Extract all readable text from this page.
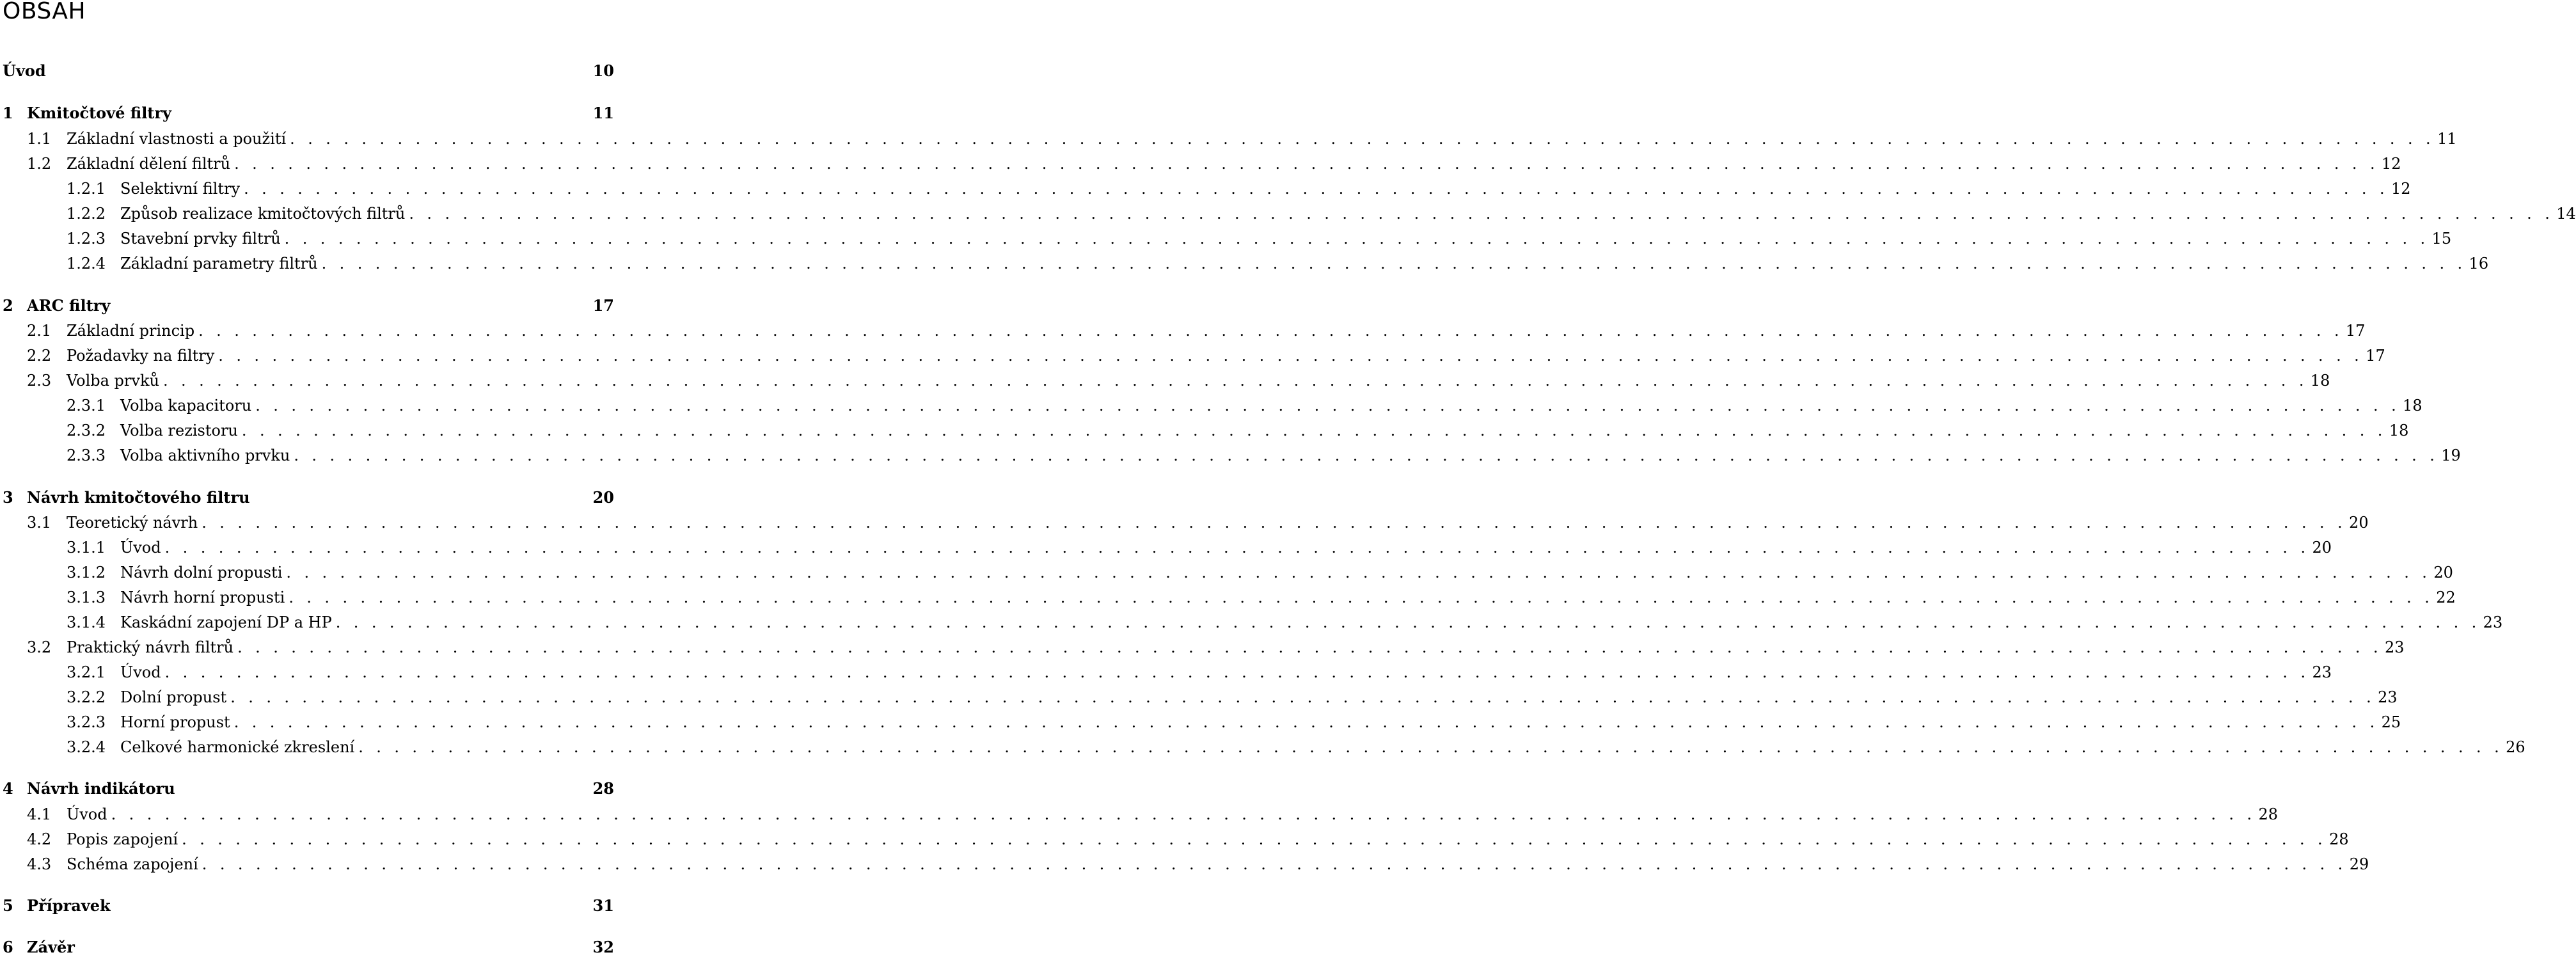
OBSAH
Úvod	10
1 Kmitočtové filtry	11
1.1 Základní vlastnosti a použití . . . . . . . . . . . . . . . . . . . . . . . . . . . . . . . . . . . . . . . . . . . . . . . . . . . . . . . . . . . . . . . . . . . . . . . . . . . . . . . . . . . . . . . . . . . . . . . . . . . . . . . . . . . . . . . . . . . . . . . . 11
1.2 Základní dělení filtrů . . . . . . . . . . . . . . . . . . . . . . . . . . . . . . . . . . . . . . . . . . . . . . . . . . . . . . . . . . . . . . . . . . . . . . . . . . . . . . . . . . . . . . . . . . . . . . . . . . . . . . . . . . . . . . . . . . . . . . . . 12
1.2.1 Selektivní filtry . . . . . . . . . . . . . . . . . . . . . . . . . . . . . . . . . . . . . . . . . . . . . . . . . . . . . . . . . . . . . . . . . . . . . . . . . . . . . . . . . . . . . . . . . . . . . . . . . . . . . . . . . . . . . . . . . . . . . . . . 12
1.2.2 Způsob realizace kmitočtových filtrů . . . . . . . . . . . . . . . . . . . . . . . . . . . . . . . . . . . . . . . . . . . . . . . . . . . . . . . . . . . . . . . . . . . . . . . . . . . . . . . . . . . . . . . . . . . . . . . . . . . . . . . . . . . . . . . . . . . . . . . . 14
1.2.3 Stavební prvky filtrů . . . . . . . . . . . . . . . . . . . . . . . . . . . . . . . . . . . . . . . . . . . . . . . . . . . . . . . . . . . . . . . . . . . . . . . . . . . . . . . . . . . . . . . . . . . . . . . . . . . . . . . . . . . . . . . . . . . . . . . . 15
1.2.4 Základní parametry filtrů . . . . . . . . . . . . . . . . . . . . . . . . . . . . . . . . . . . . . . . . . . . . . . . . . . . . . . . . . . . . . . . . . . . . . . . . . . . . . . . . . . . . . . . . . . . . . . . . . . . . . . . . . . . . . . . . . . . . . . . . 16
2 ARC filtry	17
2.1 Základní princip . . . . . . . . . . . . . . . . . . . . . . . . . . . . . . . . . . . . . . . . . . . . . . . . . . . . . . . . . . . . . . . . . . . . . . . . . . . . . . . . . . . . . . . . . . . . . . . . . . . . . . . . . . . . . . . . . . . . . . . . 17
2.2 Požadavky na filtry . . . . . . . . . . . . . . . . . . . . . . . . . . . . . . . . . . . . . . . . . . . . . . . . . . . . . . . . . . . . . . . . . . . . . . . . . . . . . . . . . . . . . . . . . . . . . . . . . . . . . . . . . . . . . . . . . . . . . . . . 17
2.3 Volba prvků . . . . . . . . . . . . . . . . . . . . . . . . . . . . . . . . . . . . . . . . . . . . . . . . . . . . . . . . . . . . . . . . . . . . . . . . . . . . . . . . . . . . . . . . . . . . . . . . . . . . . . . . . . . . . . . . . . . . . . . . 18
2.3.1 Volba kapacitoru . . . . . . . . . . . . . . . . . . . . . . . . . . . . . . . . . . . . . . . . . . . . . . . . . . . . . . . . . . . . . . . . . . . . . . . . . . . . . . . . . . . . . . . . . . . . . . . . . . . . . . . . . . . . . . . . . . . . . . . . 18
2.3.2 Volba rezistoru . . . . . . . . . . . . . . . . . . . . . . . . . . . . . . . . . . . . . . . . . . . . . . . . . . . . . . . . . . . . . . . . . . . . . . . . . . . . . . . . . . . . . . . . . . . . . . . . . . . . . . . . . . . . . . . . . . . . . . . . 18
2.3.3 Volba aktivního prvku . . . . . . . . . . . . . . . . . . . . . . . . . . . . . . . . . . . . . . . . . . . . . . . . . . . . . . . . . . . . . . . . . . . . . . . . . . . . . . . . . . . . . . . . . . . . . . . . . . . . . . . . . . . . . . . . . . . . . . . . 19
3 Návrh kmitočtového filtru	20
3.1 Teoretický návrh . . . . . . . . . . . . . . . . . . . . . . . . . . . . . . . . . . . . . . . . . . . . . . . . . . . . . . . . . . . . . . . . . . . . . . . . . . . . . . . . . . . . . . . . . . . . . . . . . . . . . . . . . . . . . . . . . . . . . . . . 20
3.1.1 Úvod . . . . . . . . . . . . . . . . . . . . . . . . . . . . . . . . . . . . . . . . . . . . . . . . . . . . . . . . . . . . . . . . . . . . . . . . . . . . . . . . . . . . . . . . . . . . . . . . . . . . . . . . . . . . . . . . . . . . . . . . 20
3.1.2 Návrh dolní propusti . . . . . . . . . . . . . . . . . . . . . . . . . . . . . . . . . . . . . . . . . . . . . . . . . . . . . . . . . . . . . . . . . . . . . . . . . . . . . . . . . . . . . . . . . . . . . . . . . . . . . . . . . . . . . . . . . . . . . . . . 20
3.1.3 Návrh horní propusti . . . . . . . . . . . . . . . . . . . . . . . . . . . . . . . . . . . . . . . . . . . . . . . . . . . . . . . . . . . . . . . . . . . . . . . . . . . . . . . . . . . . . . . . . . . . . . . . . . . . . . . . . . . . . . . . . . . . . . . . 22
3.1.4 Kaskádní zapojení DP a HP . . . . . . . . . . . . . . . . . . . . . . . . . . . . . . . . . . . . . . . . . . . . . . . . . . . . . . . . . . . . . . . . . . . . . . . . . . . . . . . . . . . . . . . . . . . . . . . . . . . . . . . . . . . . . . . . . . . . . . . . 23
3.2 Praktický návrh filtrů . . . . . . . . . . . . . . . . . . . . . . . . . . . . . . . . . . . . . . . . . . . . . . . . . . . . . . . . . . . . . . . . . . . . . . . . . . . . . . . . . . . . . . . . . . . . . . . . . . . . . . . . . . . . . . . . . . . . . . . . 23
3.2.1 Úvod . . . . . . . . . . . . . . . . . . . . . . . . . . . . . . . . . . . . . . . . . . . . . . . . . . . . . . . . . . . . . . . . . . . . . . . . . . . . . . . . . . . . . . . . . . . . . . . . . . . . . . . . . . . . . . . . . . . . . . . . 23
3.2.2 Dolní propust . . . . . . . . . . . . . . . . . . . . . . . . . . . . . . . . . . . . . . . . . . . . . . . . . . . . . . . . . . . . . . . . . . . . . . . . . . . . . . . . . . . . . . . . . . . . . . . . . . . . . . . . . . . . . . . . . . . . . . . . 23
3.2.3 Horní propust . . . . . . . . . . . . . . . . . . . . . . . . . . . . . . . . . . . . . . . . . . . . . . . . . . . . . . . . . . . . . . . . . . . . . . . . . . . . . . . . . . . . . . . . . . . . . . . . . . . . . . . . . . . . . . . . . . . . . . . . 25
3.2.4 Celkové harmonické zkreslení . . . . . . . . . . . . . . . . . . . . . . . . . . . . . . . . . . . . . . . . . . . . . . . . . . . . . . . . . . . . . . . . . . . . . . . . . . . . . . . . . . . . . . . . . . . . . . . . . . . . . . . . . . . . . . . . . . . . . . . . 26
4 Návrh indikátoru	28
4.1 Úvod . . . . . . . . . . . . . . . . . . . . . . . . . . . . . . . . . . . . . . . . . . . . . . . . . . . . . . . . . . . . . . . . . . . . . . . . . . . . . . . . . . . . . . . . . . . . . . . . . . . . . . . . . . . . . . . . . . . . . . . . 28
4.2 Popis zapojení . . . . . . . . . . . . . . . . . . . . . . . . . . . . . . . . . . . . . . . . . . . . . . . . . . . . . . . . . . . . . . . . . . . . . . . . . . . . . . . . . . . . . . . . . . . . . . . . . . . . . . . . . . . . . . . . . . . . . . . . 28
4.3 Schéma zapojení . . . . . . . . . . . . . . . . . . . . . . . . . . . . . . . . . . . . . . . . . . . . . . . . . . . . . . . . . . . . . . . . . . . . . . . . . . . . . . . . . . . . . . . . . . . . . . . . . . . . . . . . . . . . . . . . . . . . . . . . 29
5 Přípravek	31
6 Závěr	32
